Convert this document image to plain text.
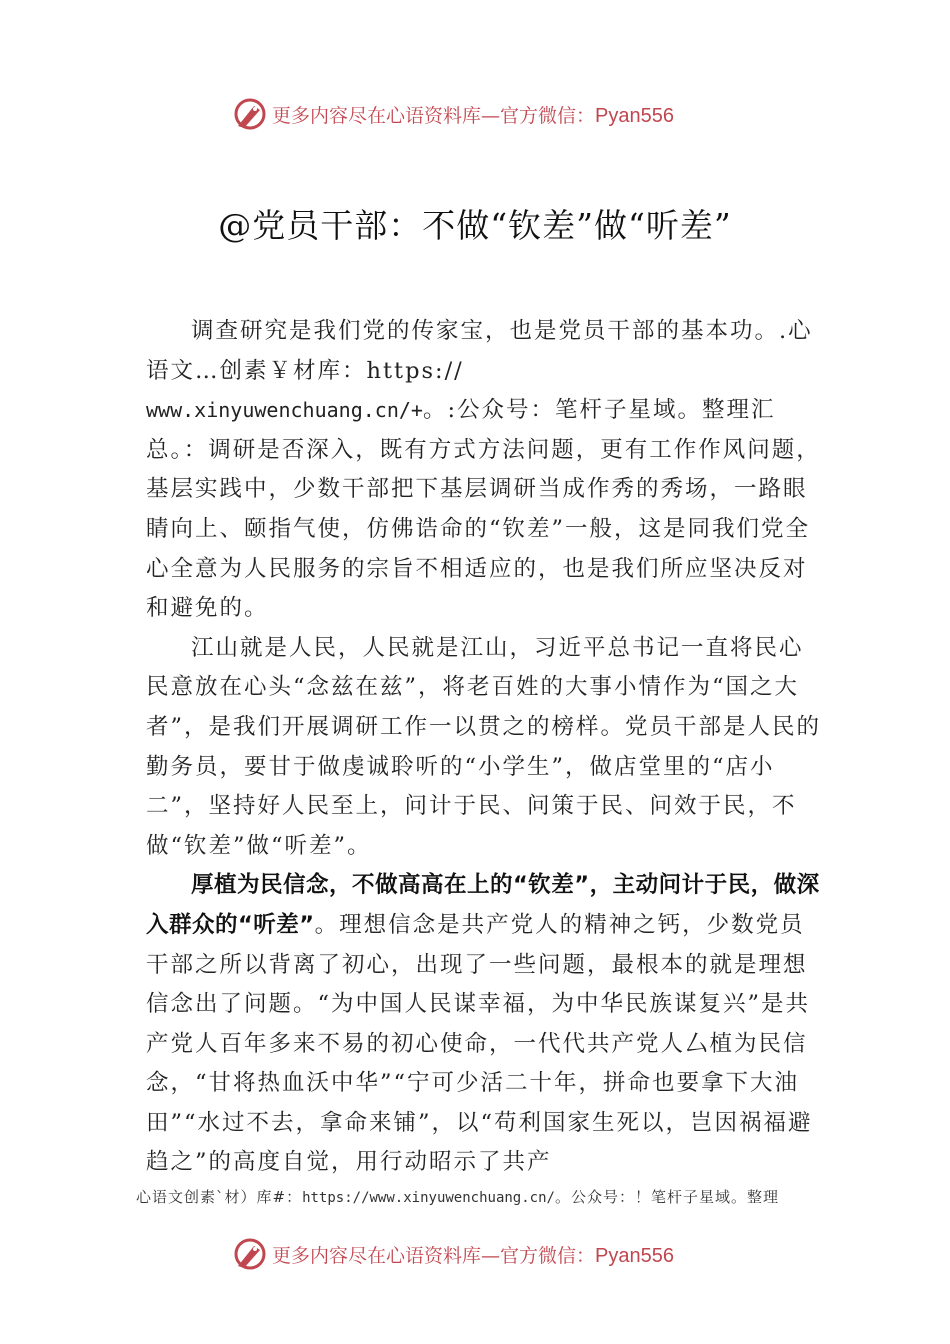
更多内容尽在心语资料库—官方微信：Pyan556
@党员干部：不做“钦差”做“听差”

调查研究是我们党的传家宝，也是党员干部的基本功。.心语文…创素￥材库：https://

www.xinyuwenchuang.cn/+。:公众号：笔杆子星域。整理汇总。：调研是否深入，既有方式方法问题，更有工作作风问题，基层实践中，少数干部把下基层调研当成作秀的秀场，一路眼睛向上、颐指气使，仿佛诰命的“钦差”一般，这是同我们党全心全意为人民服务的宗旨不相适应的，也是我们所应坚决反对和避免的。

江山就是人民，人民就是江山，习近平总书记一直将民心民意放在心头“念兹在兹”，将老百姓的大事小情作为“国之大者”，是我们开展调研工作一以贯之的榜样。党员干部是人民的勤务员，要甘于做虔诚聆听的“小学生”，做店堂里的“店小二”，坚持好人民至上，问计于民、问策于民、问效于民，不做“钦差”做“听差”。

厚植为民信念，不做高高在上的“钦差”，主动问计于民，做深入群众的“听差”。理想信念是共产党人的精神之钙，少数党员干部之所以背离了初心，出现了一些问题，最根本的就是理想信念出了问题。“为中国人民谋幸福，为中华民族谋复兴”是共产党人百年多来不易的初心使命，一代代共产党人厶植为民信念，“甘将热血沃中华”“宁可少活二十年，拼命也要拿下大油田”“水过不去，拿命来铺”，以“苟利国家生死以，岂因祸福避趋之”的高度自觉，用行动昭示了共产

心语文创素`材）库#：https://www.xinyuwenchuang.cn/。公众号：！笔杆子星域。整理
更多内容尽在心语资料库—官方微信：Pyan556
